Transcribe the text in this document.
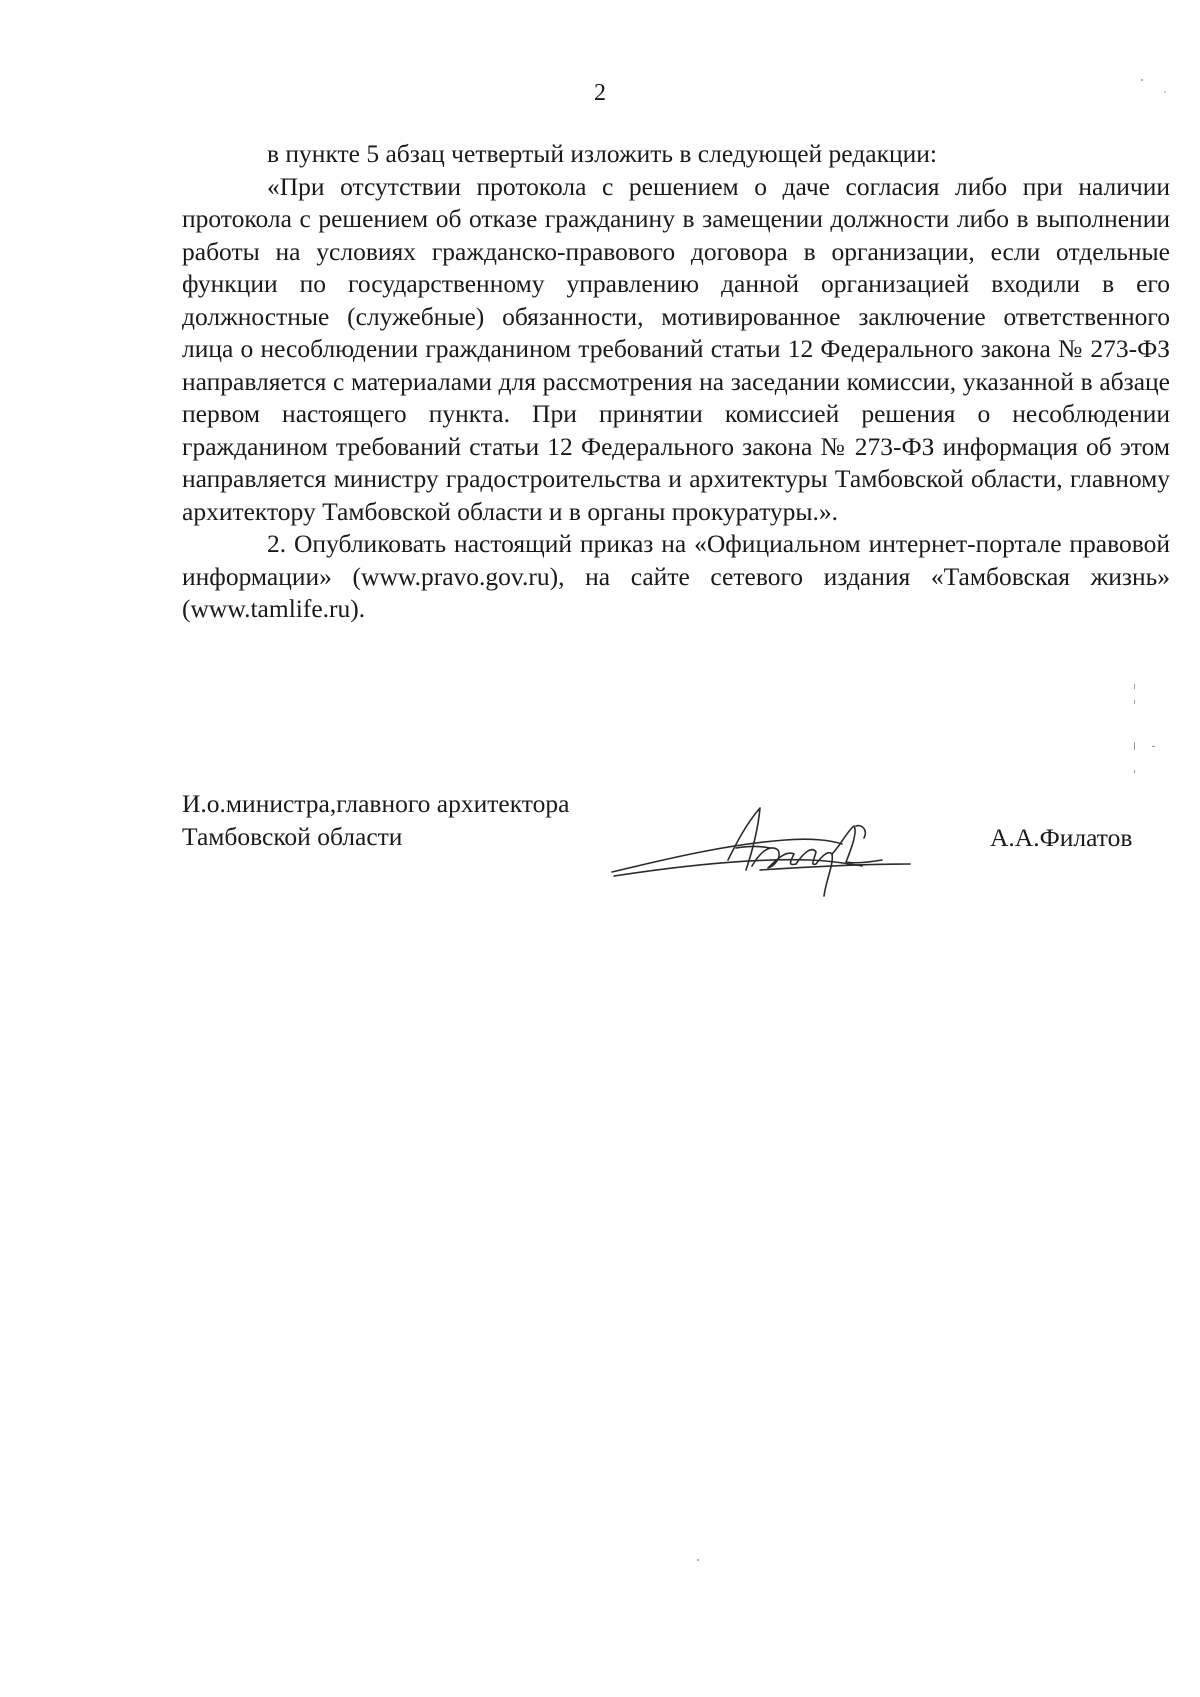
2

в пункте 5 абзац четвертый изложить в следующей редакции:

«При отсутствии протокола с решением о даче согласия либо при наличии протокола с решением об отказе гражданину в замещении должности либо в выполнении работы на условиях гражданско-правового договора в организации, если отдельные функции по государственному управлению данной организацией входили в его должностные (служебные) обязанности, мотивированное заключение ответственного лица о несоблюдении гражданином требований статьи 12 Федерального закона № 273-ФЗ направляется с материалами для рассмотрения на заседании комиссии, указанной в абзаце первом настоящего пункта. При принятии комиссией решения о несоблюдении гражданином требований статьи 12 Федерального закона № 273-ФЗ информация об этом направляется министру градостроительства и архитектуры Тамбовской области, главному архитектору Тамбовской области и в органы прокуратуры.».

2. Опубликовать настоящий приказ на «Официальном интернет-портале правовой информации» (www.pravo.gov.ru), на сайте сетевого издания «Тамбовская жизнь» (www.tamlife.ru).

И.о.министра,главного архитектора
Тамбовской области	А.А.Филатов
